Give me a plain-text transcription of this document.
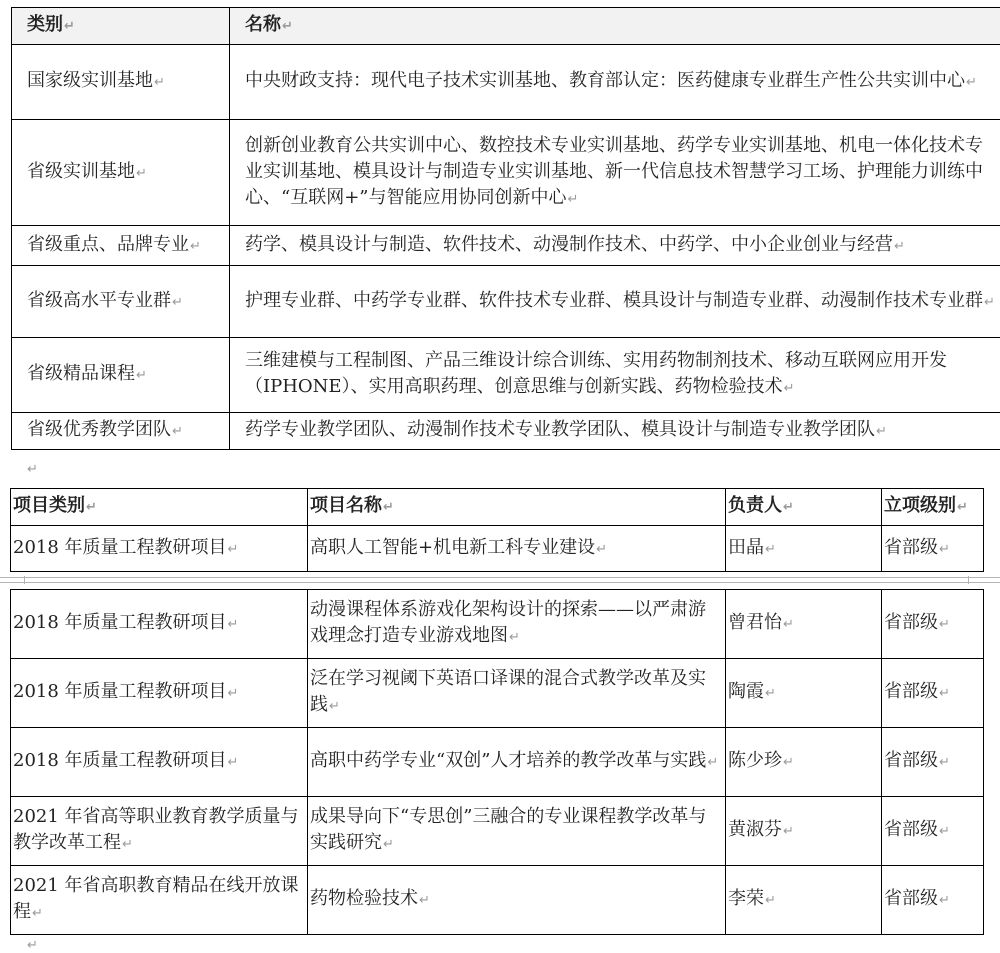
类别↵	名称↵
国家级实训基地↵	中央财政支持：现代电子技术实训基地、教育部认定：医药健康专业群生产性公共实训中心↵
省级实训基地↵	创新创业教育公共实训中心、数控技术专业实训基地、药学专业实训基地、机电一体化技术专业实训基地、模具设计与制造专业实训基地、新一代信息技术智慧学习工场、护理能力训练中心、“互联网+”与智能应用协同创新中心↵
省级重点、品牌专业↵	药学、模具设计与制造、软件技术、动漫制作技术、中药学、中小企业创业与经营↵
省级高水平专业群↵	护理专业群、中药学专业群、软件技术专业群、模具设计与制造专业群、动漫制作技术专业群↵
省级精品课程↵	三维建模与工程制图、产品三维设计综合训练、实用药物制剂技术、移动互联网应用开发（IPHONE）、实用高职药理、创意思维与创新实践、药物检验技术↵
省级优秀教学团队↵	药学专业教学团队、动漫制作技术专业教学团队、模具设计与制造专业教学团队↵
↵
项目类别↵	项目名称↵	负责人↵	立项级别↵
2018 年质量工程教研项目↵	高职人工智能+机电新工科专业建设↵	田晶↵	省部级↵
2018 年质量工程教研项目↵	动漫课程体系游戏化架构设计的探索——以严肃游戏理念打造专业游戏地图↵	曾君怡↵	省部级↵
2018 年质量工程教研项目↵	泛在学习视阈下英语口译课的混合式教学改革及实践↵	陶霞↵	省部级↵
2018 年质量工程教研项目↵	高职中药学专业“双创”人才培养的教学改革与实践↵	陈少珍↵	省部级↵
2021 年省高等职业教育教学质量与教学改革工程↵	成果导向下“专思创”三融合的专业课程教学改革与实践研究↵	黄淑芬↵	省部级↵
2021 年省高职教育精品在线开放课程↵	药物检验技术↵	李荣↵	省部级↵
↵
